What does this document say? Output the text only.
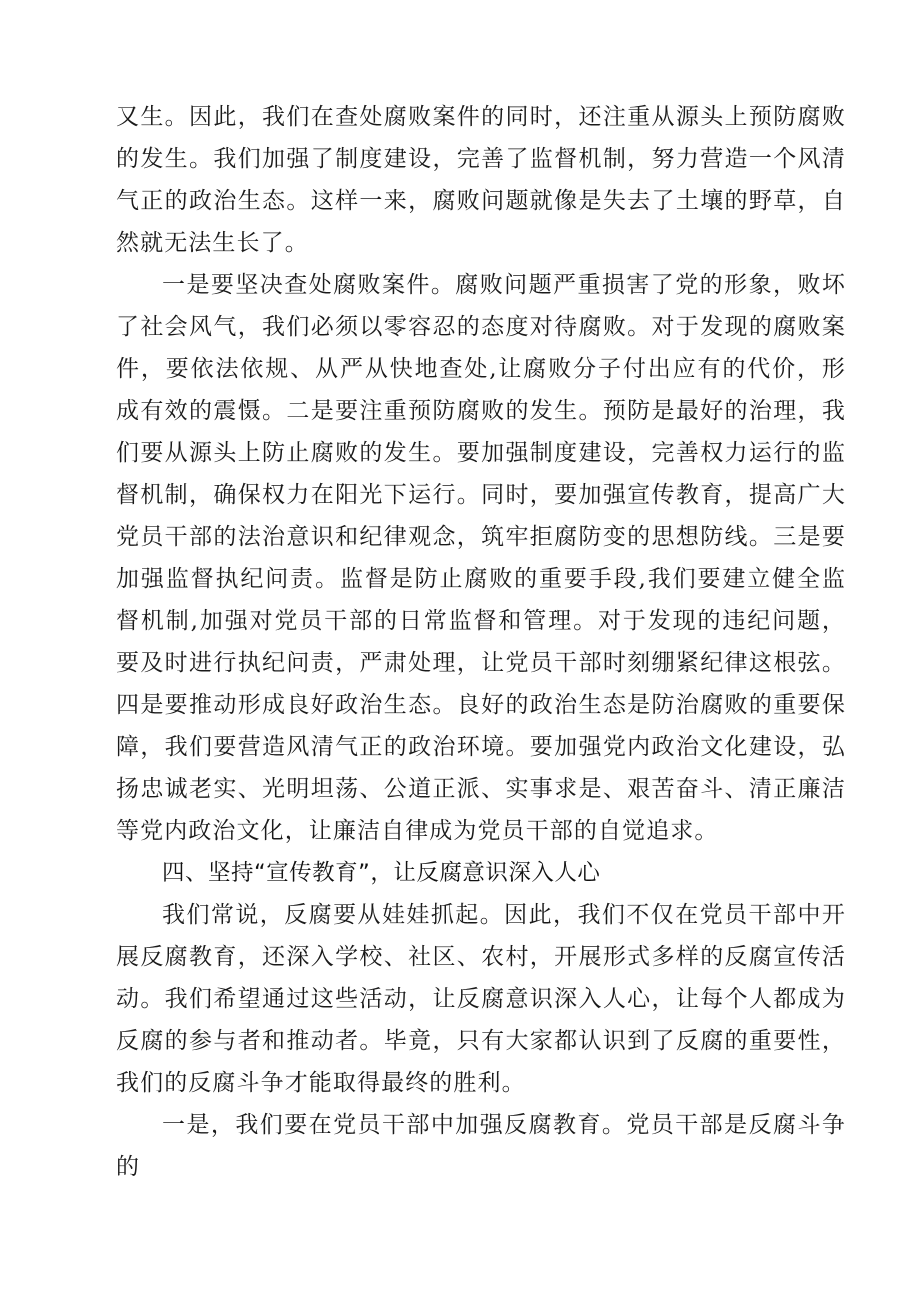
又生。因此，我们在查处腐败案件的同时，还注重从源头上预防腐败的发生。我们加强了制度建设，完善了监督机制，努力营造一个风清气正的政治生态。这样一来，腐败问题就像是失去了土壤的野草，自然就无法生长了。

一是要坚决查处腐败案件。腐败问题严重损害了党的形象，败坏了社会风气，我们必须以零容忍的态度对待腐败。对于发现的腐败案件，要依法依规、从严从快地查处,让腐败分子付出应有的代价，形成有效的震慑。二是要注重预防腐败的发生。预防是最好的治理，我们要从源头上防止腐败的发生。要加强制度建设，完善权力运行的监督机制，确保权力在阳光下运行。同时，要加强宣传教育，提高广大党员干部的法治意识和纪律观念，筑牢拒腐防变的思想防线。三是要加强监督执纪问责。监督是防止腐败的重要手段,我们要建立健全监督机制,加强对党员干部的日常监督和管理。对于发现的违纪问题，要及时进行执纪问责，严肃处理，让党员干部时刻绷紧纪律这根弦。四是要推动形成良好政治生态。良好的政治生态是防治腐败的重要保障，我们要营造风清气正的政治环境。要加强党内政治文化建设，弘扬忠诚老实、光明坦荡、公道正派、实事求是、艰苦奋斗、清正廉洁等党内政治文化，让廉洁自律成为党员干部的自觉追求。

四、坚持“宣传教育”，让反腐意识深入人心

我们常说，反腐要从娃娃抓起。因此，我们不仅在党员干部中开展反腐教育，还深入学校、社区、农村，开展形式多样的反腐宣传活动。我们希望通过这些活动，让反腐意识深入人心，让每个人都成为反腐的参与者和推动者。毕竟，只有大家都认识到了反腐的重要性，我们的反腐斗争才能取得最终的胜利。

一是，我们要在党员干部中加强反腐教育。党员干部是反腐斗争的
